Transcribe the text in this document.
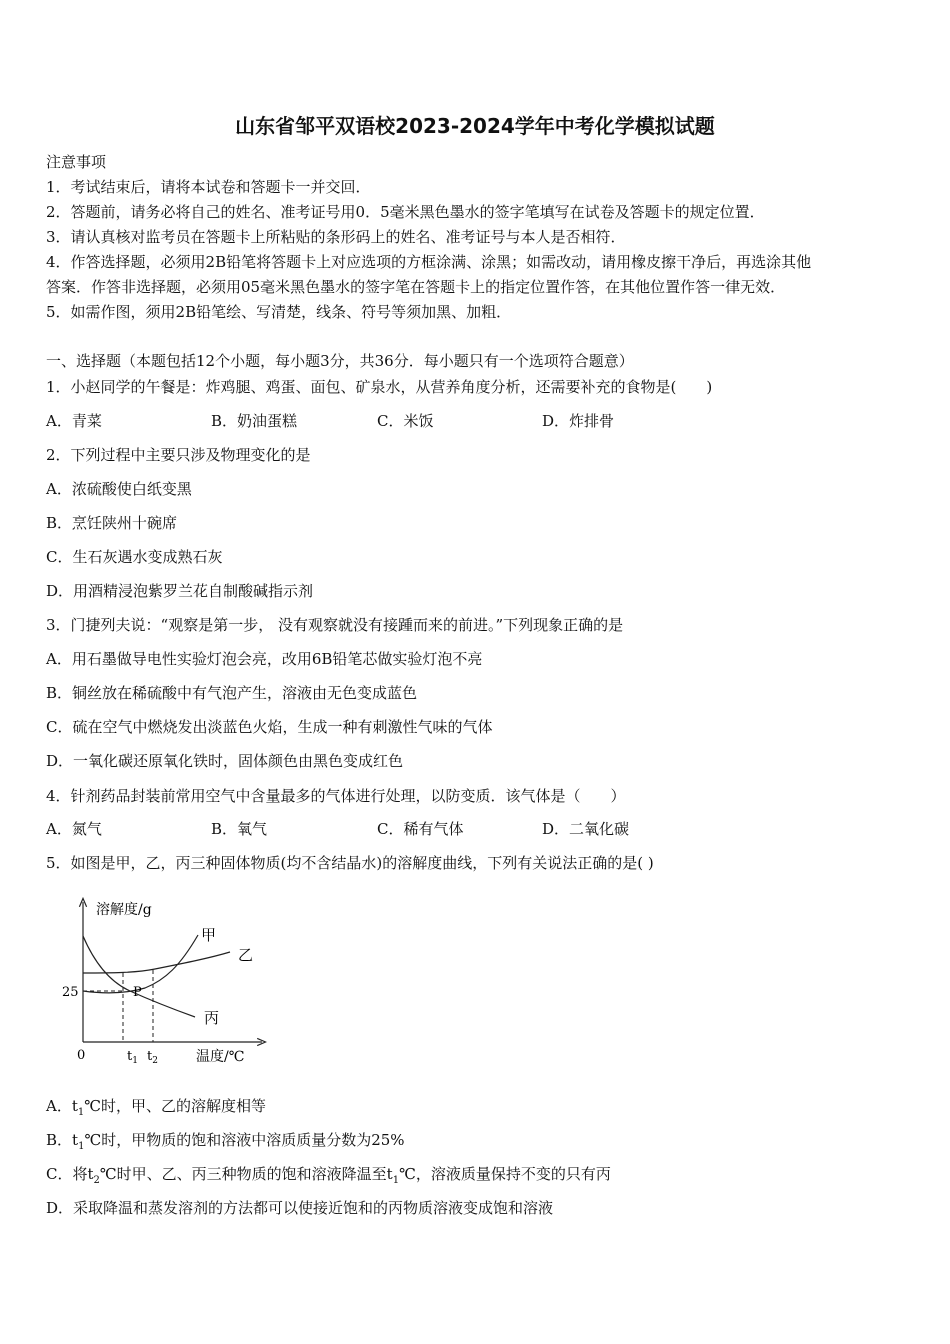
山东省邹平双语校2023-2024学年中考化学模拟试题
注意事项
1．考试结束后，请将本试卷和答题卡一并交回．
2．答题前，请务必将自己的姓名、准考证号用0．5毫米黑色墨水的签字笔填写在试卷及答题卡的规定位置．
3．请认真核对监考员在答题卡上所粘贴的条形码上的姓名、准考证号与本人是否相符．
4．作答选择题，必须用2B铅笔将答题卡上对应选项的方框涂满、涂黑；如需改动，请用橡皮擦干净后，再选涂其他
答案．作答非选择题，必须用05毫米黑色墨水的签字笔在答题卡上的指定位置作答，在其他位置作答一律无效．
5．如需作图，须用2B铅笔绘、写清楚，线条、符号等须加黑、加粗．
一、选择题（本题包括12个小题，每小题3分，共36分．每小题只有一个选项符合题意）
1．小赵同学的午餐是：炸鸡腿、鸡蛋、面包、矿泉水，从营养角度分析，还需要补充的食物是(　　)
A．青菜	B．奶油蛋糕	C．米饭	D．炸排骨
2．下列过程中主要只涉及物理变化的是
A．浓硫酸使白纸变黑
B．烹饪陕州十碗席
C．生石灰遇水变成熟石灰
D．用酒精浸泡紫罗兰花自制酸碱指示剂
3．门捷列夫说：“观察是第一步， 没有观察就没有接踵而来的前进。”下列现象正确的是
A．用石墨做导电性实验灯泡会亮，改用6B铅笔芯做实验灯泡不亮
B．铜丝放在稀硫酸中有气泡产生，溶液由无色变成蓝色
C．硫在空气中燃烧发出淡蓝色火焰，生成一种有刺激性气味的气体
D．一氧化碳还原氧化铁时，固体颜色由黑色变成红色
4．针剂药品封装前常用空气中含量最多的气体进行处理，以防变质．该气体是（　　）
A．氮气	B．氧气	C．稀有气体	D．二氧化碳
5．如图是甲，乙，丙三种固体物质(均不含结晶水)的溶解度曲线，下列有关说法正确的是( )
溶解度/g
温度/℃
0
25
$t_1$ $t_2$
P
甲
乙
丙
A．$t_1℃$时，甲、乙的溶解度相等
B．$t_1℃$时，甲物质的饱和溶液中溶质质量分数为25%
C．将$t_2℃$时甲、乙、丙三种物质的饱和溶液降温至$t_1℃$，溶液质量保持不变的只有丙
D．采取降温和蒸发溶剂的方法都可以使接近饱和的丙物质溶液变成饱和溶液
